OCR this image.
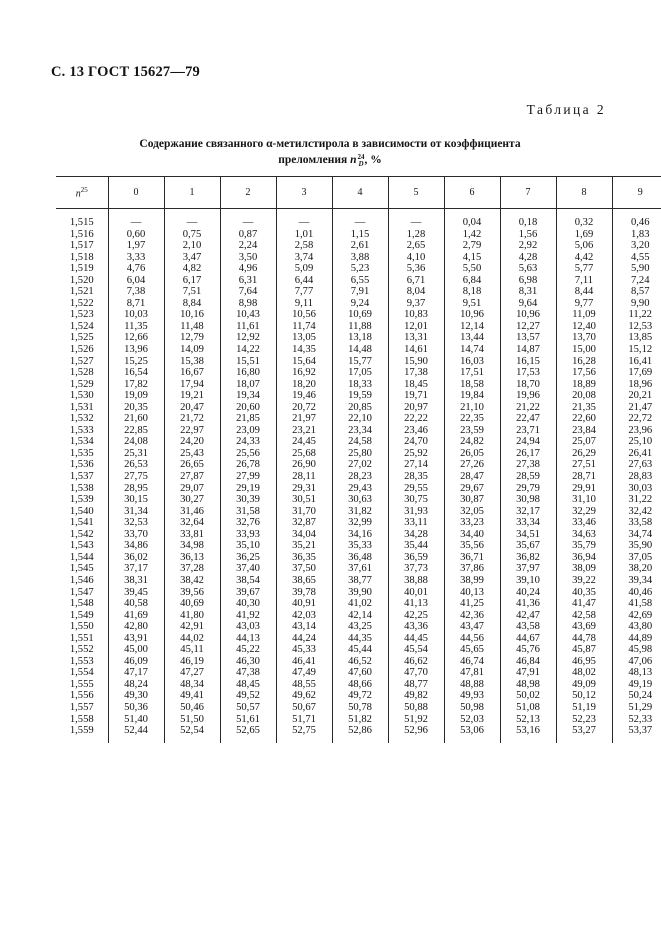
С. 13 ГОСТ 15627—79
Таблица 2
Содержание связанного α-метилстирола в зависимости от коэффициента
преломления n24
D, %
$n^{25}$	0	1	2	3	4	5	6	7	8	9
1,515	—	—	—	—	—	—	0,04	0,18	0,32	0,46
1,516	0,60	0,75	0,87	1,01	1,15	1,28	1,42	1,56	1,69	1,83
1,517	1,97	2,10	2,24	2,58	2,61	2,65	2,79	2,92	5,06	3,20
1,518	3,33	3,47	3,50	3,74	3,88	4,10	4,15	4,28	4,42	4,55
1,519	4,76	4,82	4,96	5,09	5,23	5,36	5,50	5,63	5,77	5,90
1,520	6,04	6,17	6,31	6,44	6,55	6,71	6,84	6,98	7,11	7,24
1,521	7,38	7,51	7,64	7,77	7,91	8,04	8,18	8,31	8,44	8,57
1,522	8,71	8,84	8,98	9,11	9,24	9,37	9,51	9,64	9,77	9,90
1,523	10,03	10,16	10,43	10,56	10,69	10,83	10,96	10,96	11,09	11,22
1,524	11,35	11,48	11,61	11,74	11,88	12,01	12,14	12,27	12,40	12,53
1,525	12,66	12,79	12,92	13,05	13,18	13,31	13,44	13,57	13,70	13,85
1,526	13,96	14,09	14,22	14,35	14,48	14,61	14,74	14,87	15,00	15,12
1,527	15,25	15,38	15,51	15,64	15,77	15,90	16,03	16,15	16,28	16,41
1,528	16,54	16,67	16,80	16,92	17,05	17,38	17,51	17,53	17,56	17,69
1,529	17,82	17,94	18,07	18,20	18,33	18,45	18,58	18,70	18,89	18,96
1,530	19,09	19,21	19,34	19,46	19,59	19,71	19,84	19,96	20,08	20,21
1,531	20,35	20,47	20,60	20,72	20,85	20,97	21,10	21,22	21,35	21,47
1,532	21,60	21,72	21,85	21,97	22,10	22,22	22,35	22,47	22,60	22,72
1,533	22,85	22,97	23,09	23,21	23,34	23,46	23,59	23,71	23,84	23,96
1,534	24,08	24,20	24,33	24,45	24,58	24,70	24,82	24,94	25,07	25,10
1,535	25,31	25,43	25,56	25,68	25,80	25,92	26,05	26,17	26,29	26,41
1,536	26,53	26,65	26,78	26,90	27,02	27,14	27,26	27,38	27,51	27,63
1,537	27,75	27,87	27,99	28,11	28,23	28,35	28,47	28,59	28,71	28,83
1,538	28,95	29,07	29,19	29,31	29,43	29,55	29,67	29,79	29,91	30,03
1,539	30,15	30,27	30,39	30,51	30,63	30,75	30,87	30,98	31,10	31,22
1,540	31,34	31,46	31,58	31,70	31,82	31,93	32,05	32,17	32,29	32,42
1,541	32,53	32,64	32,76	32,87	32,99	33,11	33,23	33,34	33,46	33,58
1,542	33,70	33,81	33,93	34,04	34,16	34,28	34,40	34,51	34,63	34,74
1,543	34,86	34,98	35,10	35,21	35,33	35,44	35,56	35,67	35,79	35,90
1,544	36,02	36,13	36,25	36,35	36,48	36,59	36,71	36,82	36,94	37,05
1,545	37,17	37,28	37,40	37,50	37,61	37,73	37,86	37,97	38,09	38,20
1,546	38,31	38,42	38,54	38,65	38,77	38,88	38,99	39,10	39,22	39,34
1,547	39,45	39,56	39,67	39,78	39,90	40,01	40,13	40,24	40,35	40,46
1,548	40,58	40,69	40,30	40,91	41,02	41,13	41,25	41,36	41,47	41,58
1,549	41,69	41,80	41,92	42,03	42,14	42,25	42,36	42,47	42,58	42,69
1,550	42,80	42,91	43,03	43,14	43,25	43,36	43,47	43,58	43,69	43,80
1,551	43,91	44,02	44,13	44,24	44,35	44,45	44,56	44,67	44,78	44,89
1,552	45,00	45,11	45,22	45,33	45,44	45,54	45,65	45,76	45,87	45,98
1,553	46,09	46,19	46,30	46,41	46,52	46,62	46,74	46,84	46,95	47,06
1,554	47,17	47,27	47,38	47,49	47,60	47,70	47,81	47,91	48,02	48,13
1,555	48,24	48,34	48,45	48,55	48,66	48,77	48,88	48,98	49,09	49,19
1,556	49,30	49,41	49,52	49,62	49,72	49,82	49,93	50,02	50,12	50,24
1,557	50,36	50,46	50,57	50,67	50,78	50,88	50,98	51,08	51,19	51,29
1,558	51,40	51,50	51,61	51,71	51,82	51,92	52,03	52,13	52,23	52,33
1,559	52,44	52,54	52,65	52,75	52,86	52,96	53,06	53,16	53,27	53,37
